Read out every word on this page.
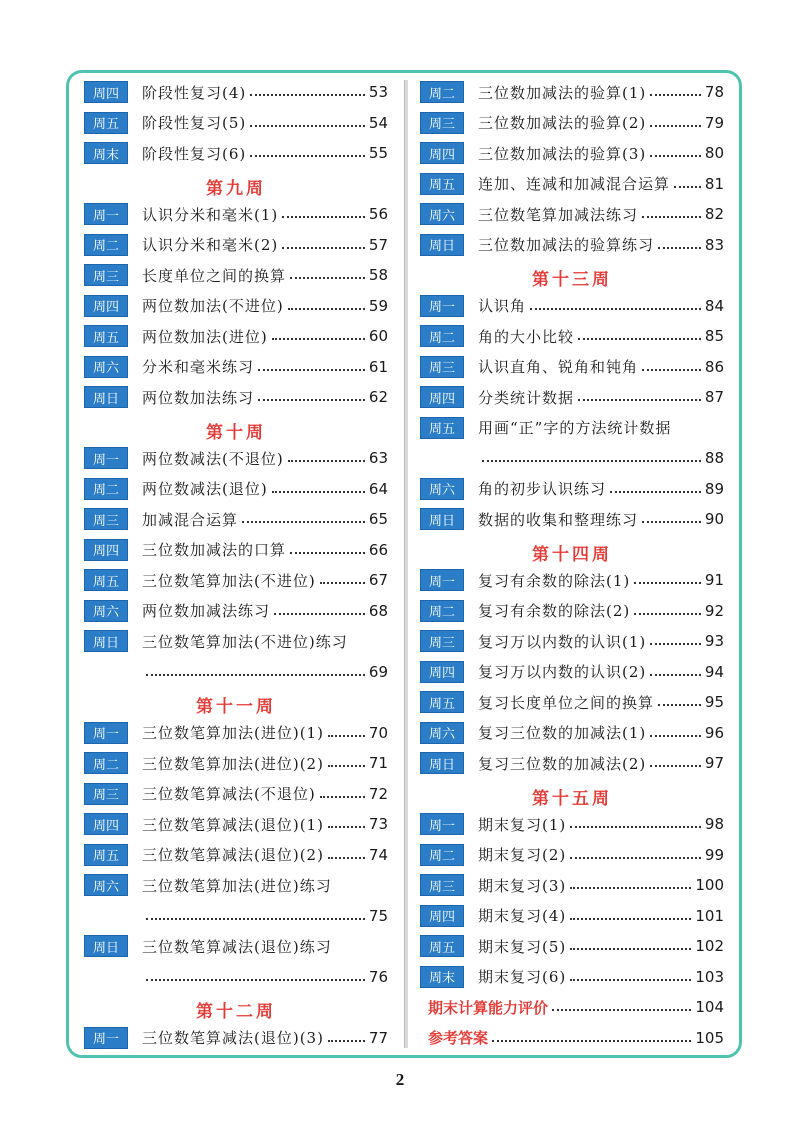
周四	阶段性复习(4)	53
周五	阶段性复习(5)	54
周末	阶段性复习(6)	55
第九周
周一	认识分米和毫米(1)	56
周二	认识分米和毫米(2)	57
周三	长度单位之间的换算	58
周四	两位数加法(不进位)	59
周五	两位数加法(进位)	60
周六	分米和毫米练习	61
周日	两位数加法练习	62
第十周
周一	两位数减法(不退位)	63
周二	两位数减法(退位)	64
周三	加减混合运算	65
周四	三位数加减法的口算	66
周五	三位数笔算加法(不进位)	67
周六	两位数加减法练习	68
周日	三位数笔算加法(不进位)练习
69
第十一周
周一	三位数笔算加法(进位)(1)	70
周二	三位数笔算加法(进位)(2)	71
周三	三位数笔算减法(不退位)	72
周四	三位数笔算减法(退位)(1)	73
周五	三位数笔算减法(退位)(2)	74
周六	三位数笔算加法(进位)练习
75
周日	三位数笔算减法(退位)练习
76
第十二周
周一	三位数笔算减法(退位)(3)	77
周二	三位数加减法的验算(1)	78
周三	三位数加减法的验算(2)	79
周四	三位数加减法的验算(3)	80
周五	连加、连减和加减混合运算 81
周六	三位数笔算加减法练习	82
周日	三位数加减法的验算练习	83
第十三周
周一	认识角	84
周二	角的大小比较	85
周三	认识直角、锐角和钝角	86
周四	分类统计数据	87
周五	用画“正”字的方法统计数据
88
周六	角的初步认识练习	89
周日	数据的收集和整理练习	90
第十四周
周一	复习有余数的除法(1)	91
周二	复习有余数的除法(2)	92
周三	复习万以内数的认识(1)	93
周四	复习万以内数的认识(2)	94
周五	复习长度单位之间的换算	95
周六	复习三位数的加减法(1)	96
周日	复习三位数的加减法(2)	97
第十五周
周一	期末复习(1)	98
周二	期末复习(2)	99
周三	期末复习(3)	100
周四	期末复习(4)	101
周五	期末复习(5)	102
周末	期末复习(6)	103
期末计算能力评价	104
参考答案	105
2
